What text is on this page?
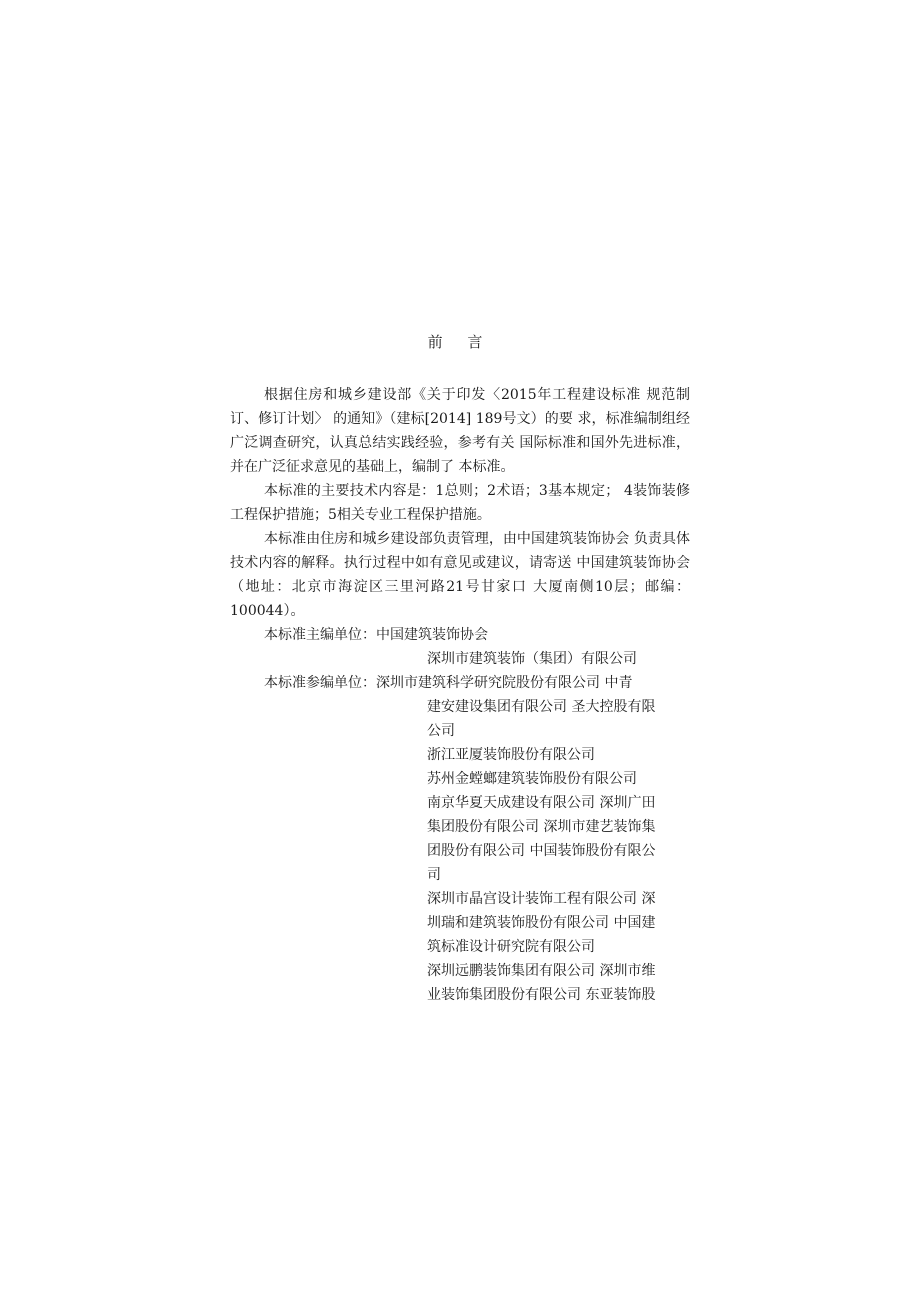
前 言

根据住房和城乡建设部《关于印发〈2015年工程建设标准 规范制订、修订计划〉 的通知》（建标[2014] 189号文）的要 求，标准编制组经广泛调查研究，认真总结实践经验，参考有关 国际标准和国外先进标准，并在广泛征求意见的基础上，编制了 本标准。

本标准的主要技术内容是：1总则；2术语；3基本规定； 4装饰装修工程保护措施；5相关专业工程保护措施。

本标准由住房和城乡建设部负责管理，由中国建筑装饰协会 负责具体技术内容的解释。执行过程中如有意见或建议，请寄送 中国建筑装饰协会（地址：北京市海淀区三里河路21号甘家口 大厦南侧10层；邮编：100044）。

本标准主编单位： 中国建筑装饰协会
深圳市建筑装饰（集团）有限公司
本标准参编单位： 深圳市建筑科学研究院股份有限公司 中青
建安建设集团有限公司 圣大控股有限
公司
浙江亚厦装饰股份有限公司
苏州金螳螂建筑装饰股份有限公司
南京华夏天成建设有限公司 深圳广田
集团股份有限公司 深圳市建艺装饰集
团股份有限公司 中国装饰股份有限公
司
深圳市晶宫设计装饰工程有限公司 深
圳瑞和建筑装饰股份有限公司 中国建
筑标准设计研究院有限公司
深圳远鹏装饰集团有限公司 深圳市维
业装饰集团股份有限公司 东亚装饰股
